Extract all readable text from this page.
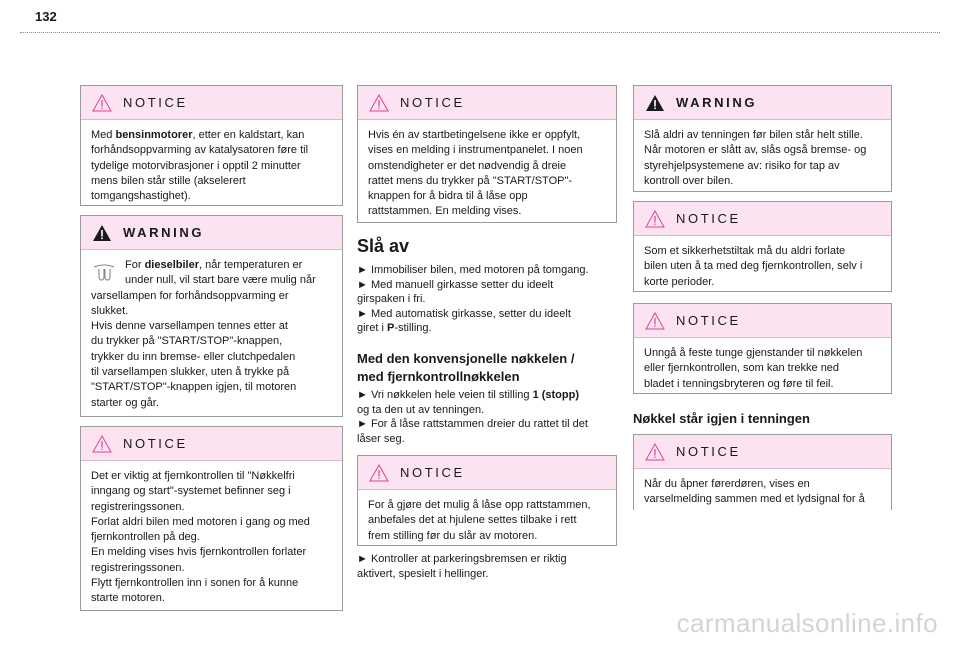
132
NOTICE

Med bensinmotorer, etter en kaldstart, kan

forhåndsoppvarming av katalysatoren føre til

tydelige motorvibrasjoner i opptil 2 minutter

mens bilen står stille (akselerert

tomgangshastighet).

WARNING

For dieselbiler, når temperaturen er

under null, vil start bare være mulig når

varsellampen for forhåndsoppvarming er

slukket.

Hvis denne varsellampen tennes etter at

du trykker på "START/STOP"-knappen,

trykker du inn bremse- eller clutchpedalen

til varsellampen slukker, uten å trykke på

"START/STOP"-knappen igjen, til motoren

starter og går.

NOTICE

Det er viktig at fjernkontrollen til "Nøkkelfri

inngang og start"-systemet befinner seg i

registreringssonen.

Forlat aldri bilen med motoren i gang og med

fjernkontrollen på deg.

En melding vises hvis fjernkontrollen forlater

registreringssonen.

Flytt fjernkontrollen inn i sonen for å kunne

starte motoren.

NOTICE

Hvis én av startbetingelsene ikke er oppfylt,

vises en melding i instrumentpanelet. I noen

omstendigheter er det nødvendig å dreie

rattet mens du trykker på "START/STOP"-

knappen for å bidra til å låse opp

rattstammen. En melding vises.

Slå av

► Immobiliser bilen, med motoren på tomgang.

► Med manuell girkasse setter du ideelt

girspaken i fri.

► Med automatisk girkasse, setter du ideelt

giret i P-stilling.

Med den konvensjonelle nøkkelen /
med fjernkontrollnøkkelen

► Vri nøkkelen hele veien til stilling 1 (stopp)

og ta den ut av tenningen.

► For å låse rattstammen dreier du rattet til det

låser seg.

NOTICE

For å gjøre det mulig å låse opp rattstammen,

anbefales det at hjulene settes tilbake i rett

frem stilling før du slår av motoren.

► Kontroller at parkeringsbremsen er riktig

aktivert, spesielt i hellinger.

WARNING

Slå aldri av tenningen før bilen står helt stille.

Når motoren er slått av, slås også bremse- og

styrehjelpsystemene av: risiko for tap av

kontroll over bilen.

NOTICE

Som et sikkerhetstiltak må du aldri forlate

bilen uten å ta med deg fjernkontrollen, selv i

korte perioder.

NOTICE

Unngå å feste tunge gjenstander til nøkkelen

eller fjernkontrollen, som kan trekke ned

bladet i tenningsbryteren og føre til feil.

Nøkkel står igjen i tenningen
NOTICE

Når du åpner førerdøren, vises en

varselmelding sammen med et lydsignal for å

carmanualsonline.info
